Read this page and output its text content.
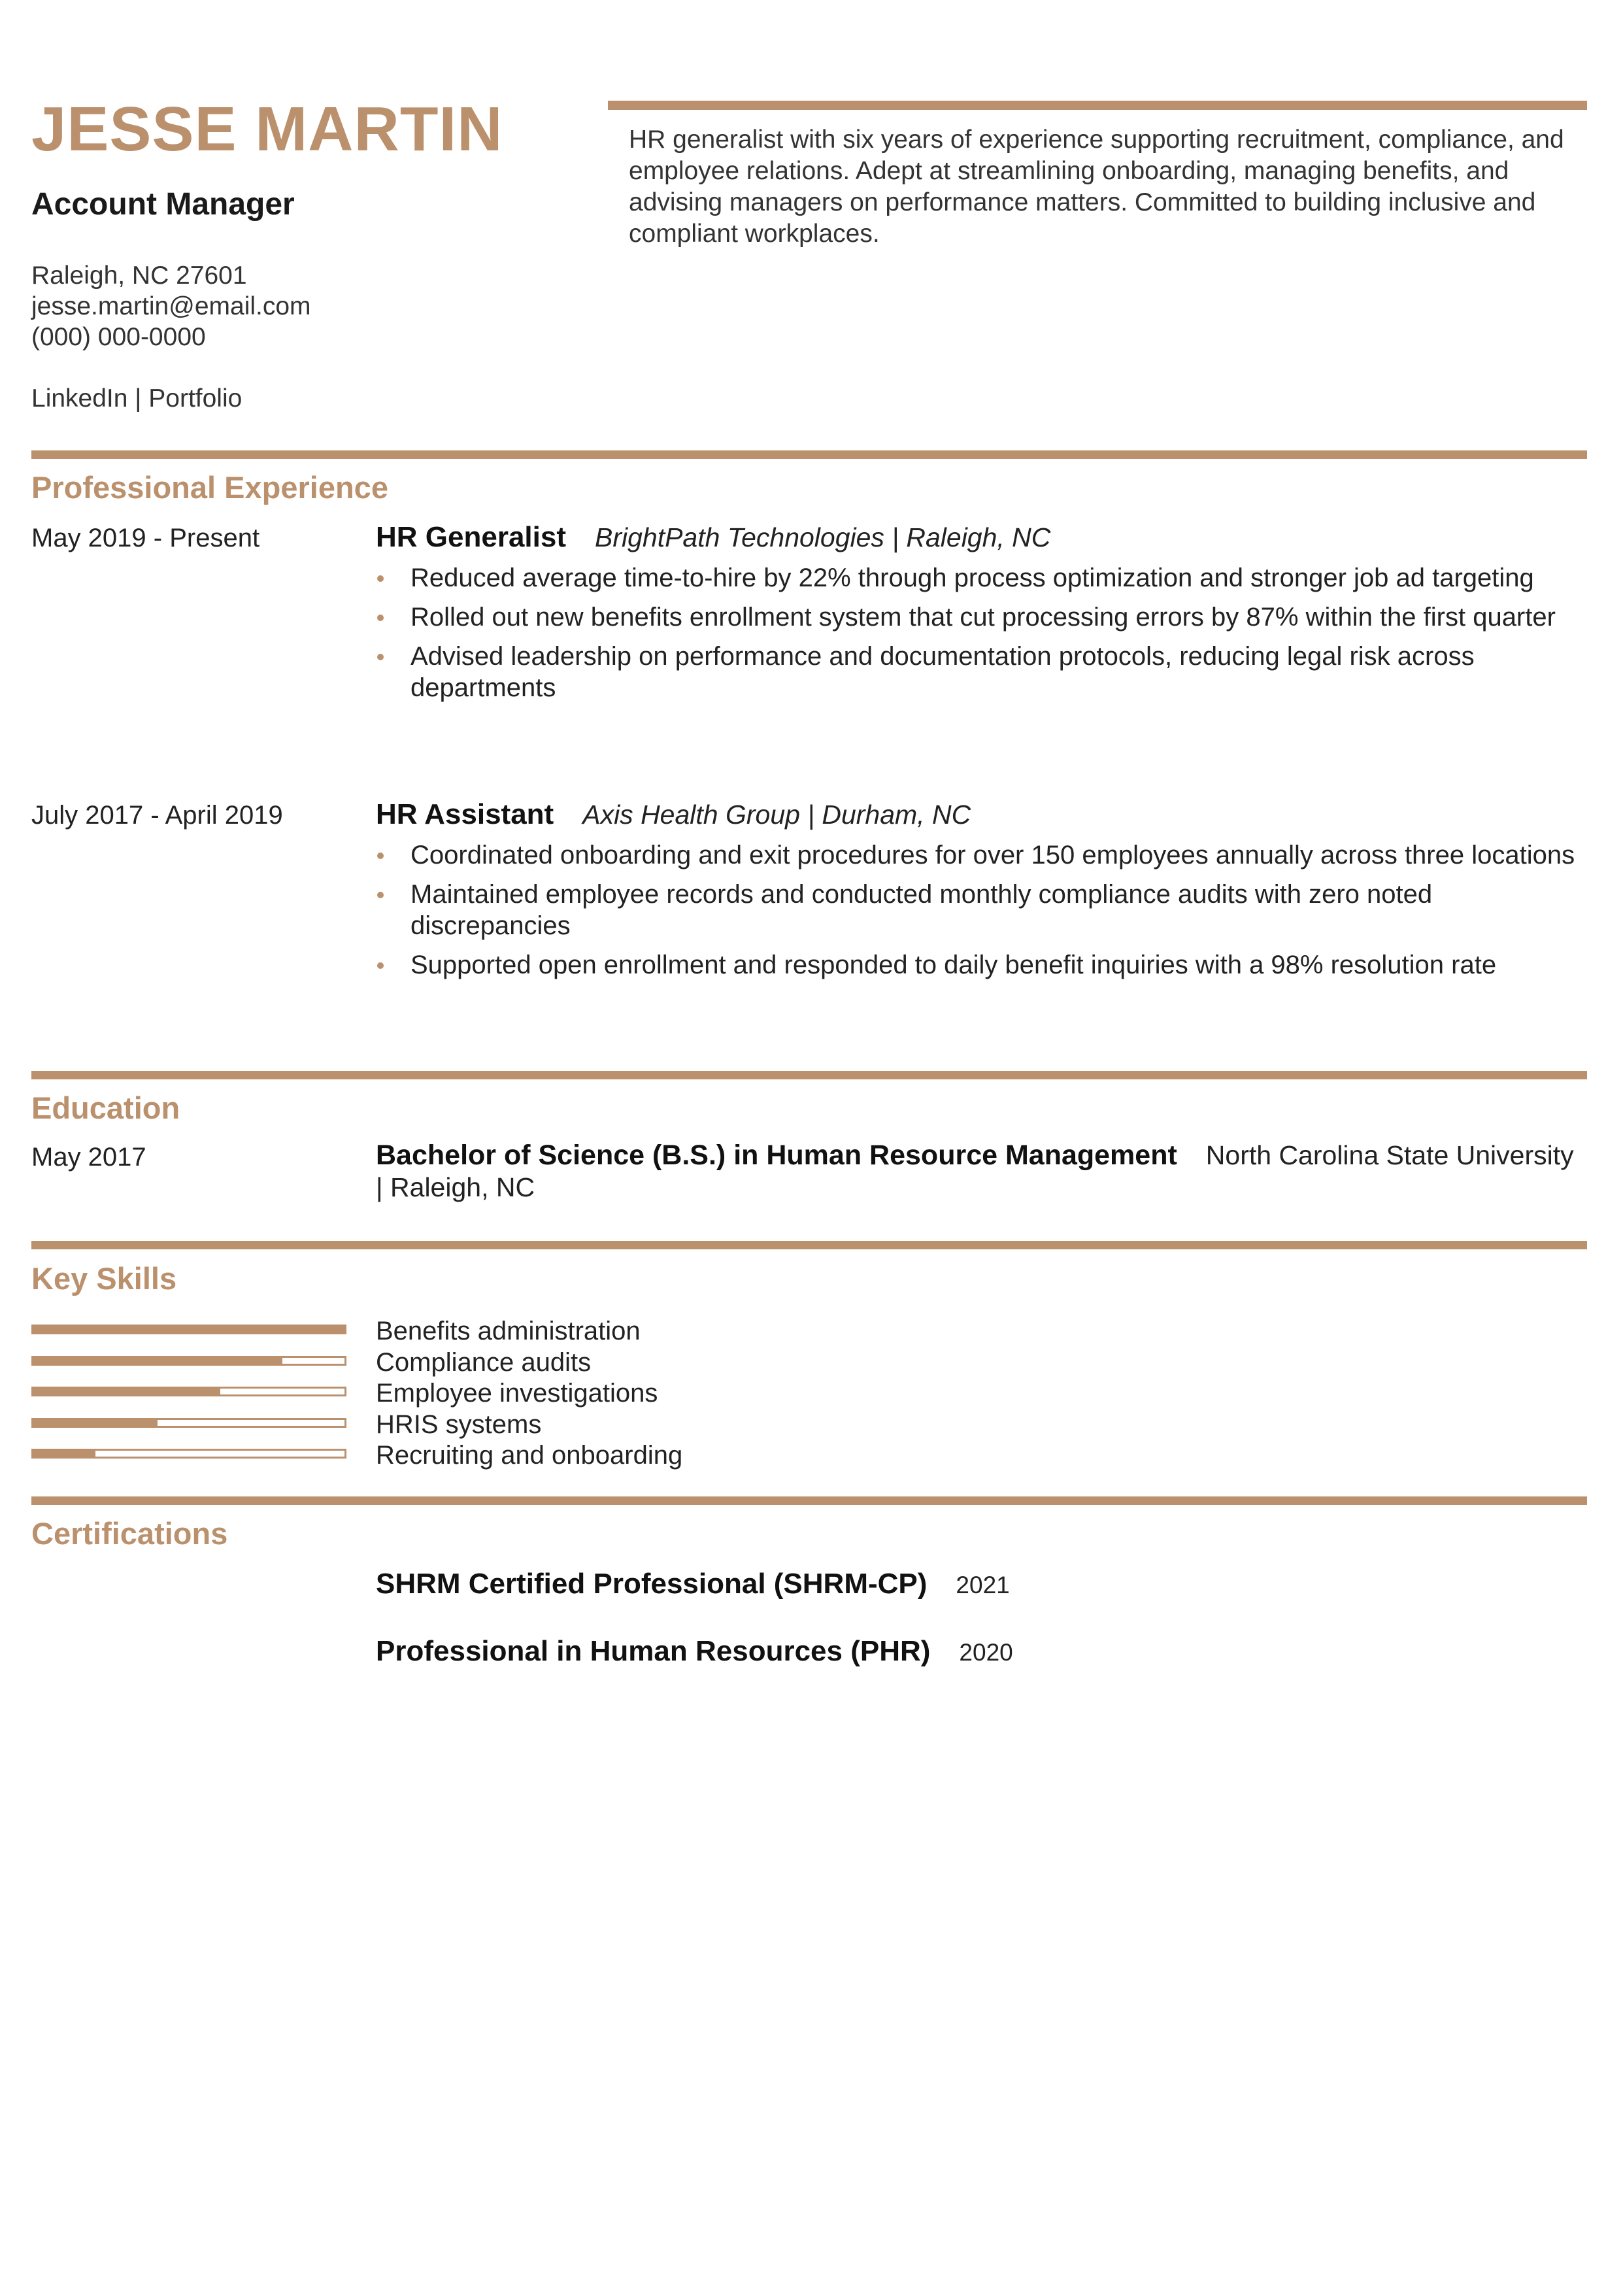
JESSE MARTIN
Account Manager
Raleigh, NC 27601
jesse.martin@email.com
(000) 000-0000
LinkedIn | Portfolio
HR generalist with six years of experience supporting recruitment, compliance, and employee relations. Adept at streamlining onboarding, managing benefits, and advising managers on performance matters. Committed to building inclusive and compliant workplaces.
Professional Experience
May 2019 - Present	HR Generalist BrightPath Technologies | Raleigh, NC
Reduced average time-to-hire by 22% through process optimization and stronger job ad targeting
Rolled out new benefits enrollment system that cut processing errors by 87% within the first quarter
Advised leadership on performance and documentation protocols, reducing legal risk across departments
July 2017 - April 2019	HR Assistant Axis Health Group | Durham, NC
Coordinated onboarding and exit procedures for over 150 employees annually across three locations
Maintained employee records and conducted monthly compliance audits with zero noted discrepancies
Supported open enrollment and responded to daily benefit inquiries with a 98% resolution rate
Education
May 2017	Bachelor of Science (B.S.) in Human Resource Management North Carolina State University | Raleigh, NC
Key Skills
Benefits administration
Compliance audits
Employee investigations
HRIS systems
Recruiting and onboarding
Certifications
SHRM Certified Professional (SHRM-CP) 2021
Professional in Human Resources (PHR) 2020
